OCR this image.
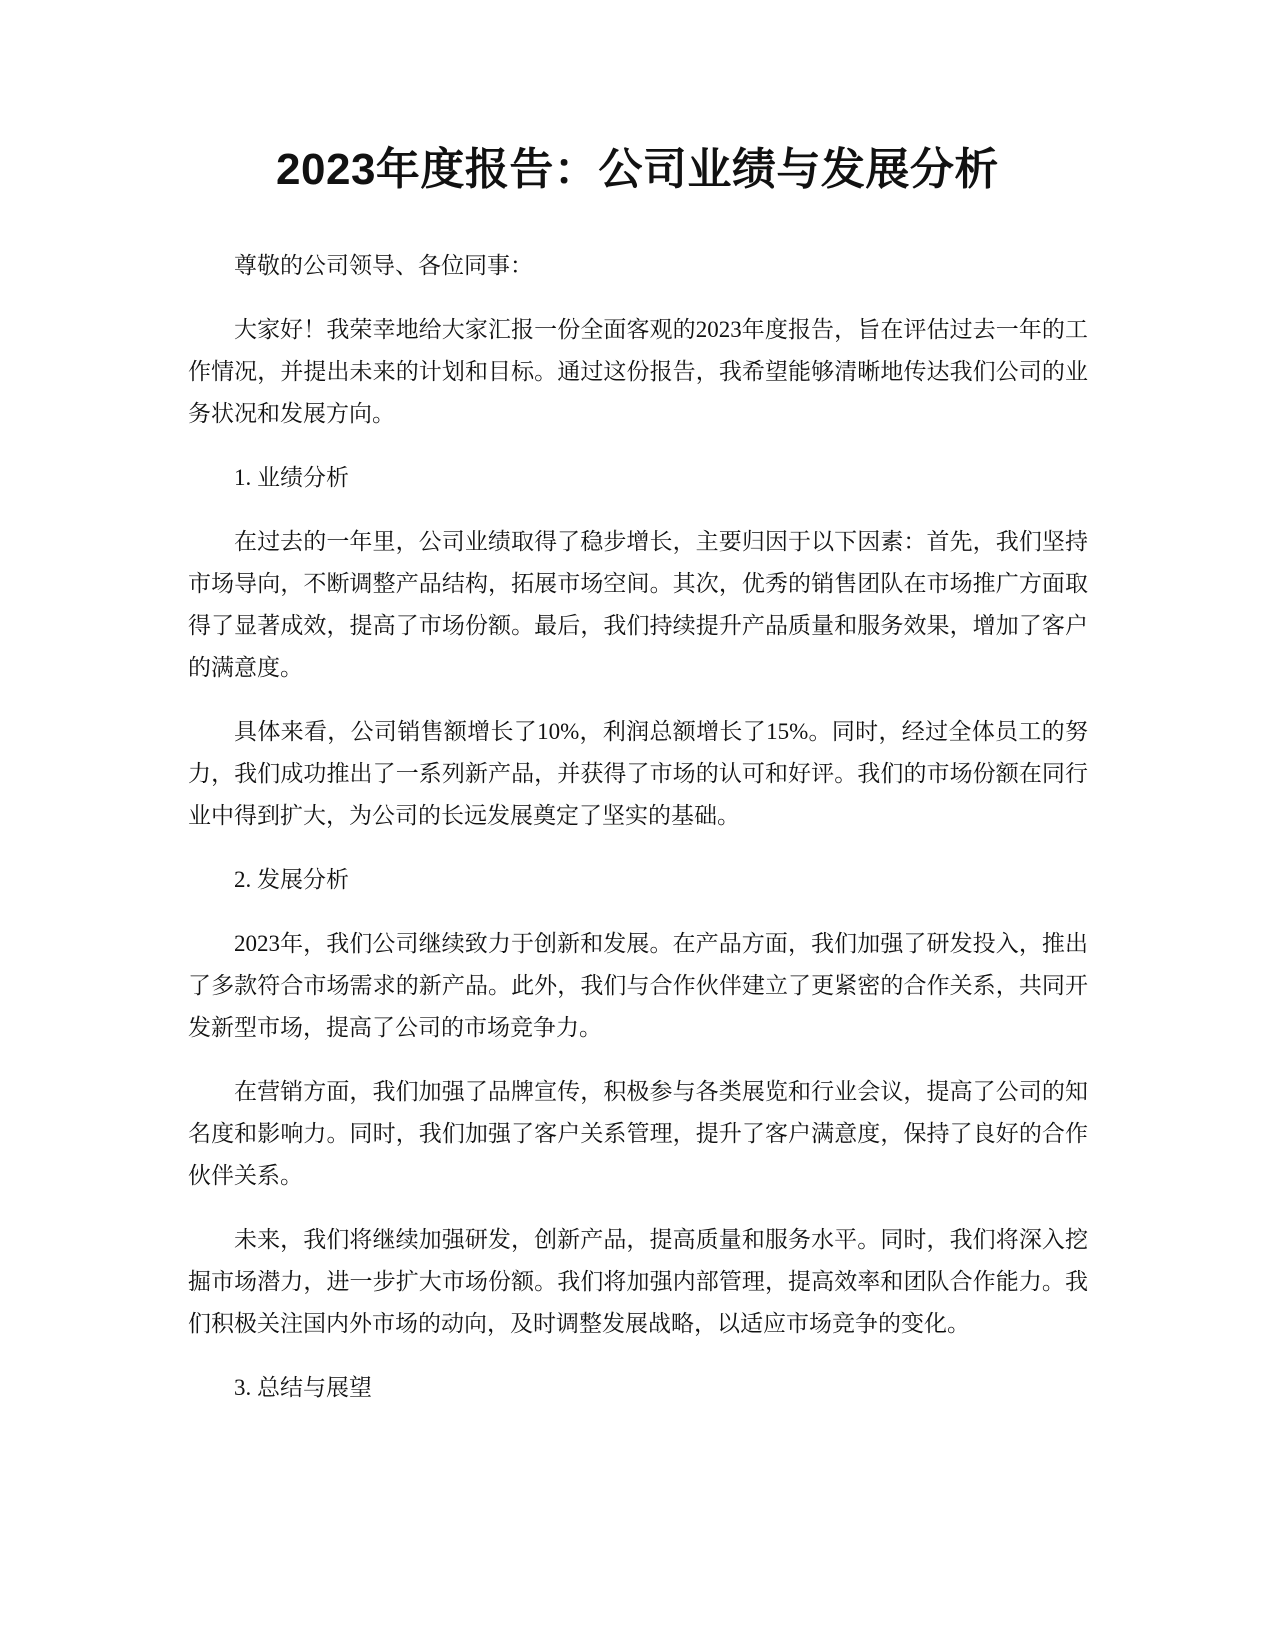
2023年度报告：公司业绩与发展分析

尊敬的公司领导、各位同事：

大家好！我荣幸地给大家汇报一份全面客观的2023年度报告，旨在评估过去一年的工作情况，并提出未来的计划和目标。通过这份报告，我希望能够清晰地传达我们公司的业务状况和发展方向。

1. 业绩分析

在过去的一年里，公司业绩取得了稳步增长，主要归因于以下因素：首先，我们坚持市场导向，不断调整产品结构，拓展市场空间。其次，优秀的销售团队在市场推广方面取得了显著成效，提高了市场份额。最后，我们持续提升产品质量和服务效果，增加了客户的满意度。

具体来看，公司销售额增长了10%，利润总额增长了15%。同时，经过全体员工的努力，我们成功推出了一系列新产品，并获得了市场的认可和好评。我们的市场份额在同行业中得到扩大，为公司的长远发展奠定了坚实的基础。

2. 发展分析

2023年，我们公司继续致力于创新和发展。在产品方面，我们加强了研发投入，推出了多款符合市场需求的新产品。此外，我们与合作伙伴建立了更紧密的合作关系，共同开发新型市场，提高了公司的市场竞争力。

在营销方面，我们加强了品牌宣传，积极参与各类展览和行业会议，提高了公司的知名度和影响力。同时，我们加强了客户关系管理，提升了客户满意度，保持了良好的合作伙伴关系。

未来，我们将继续加强研发，创新产品，提高质量和服务水平。同时，我们将深入挖掘市场潜力，进一步扩大市场份额。我们将加强内部管理，提高效率和团队合作能力。我们积极关注国内外市场的动向，及时调整发展战略，以适应市场竞争的变化。

3. 总结与展望
